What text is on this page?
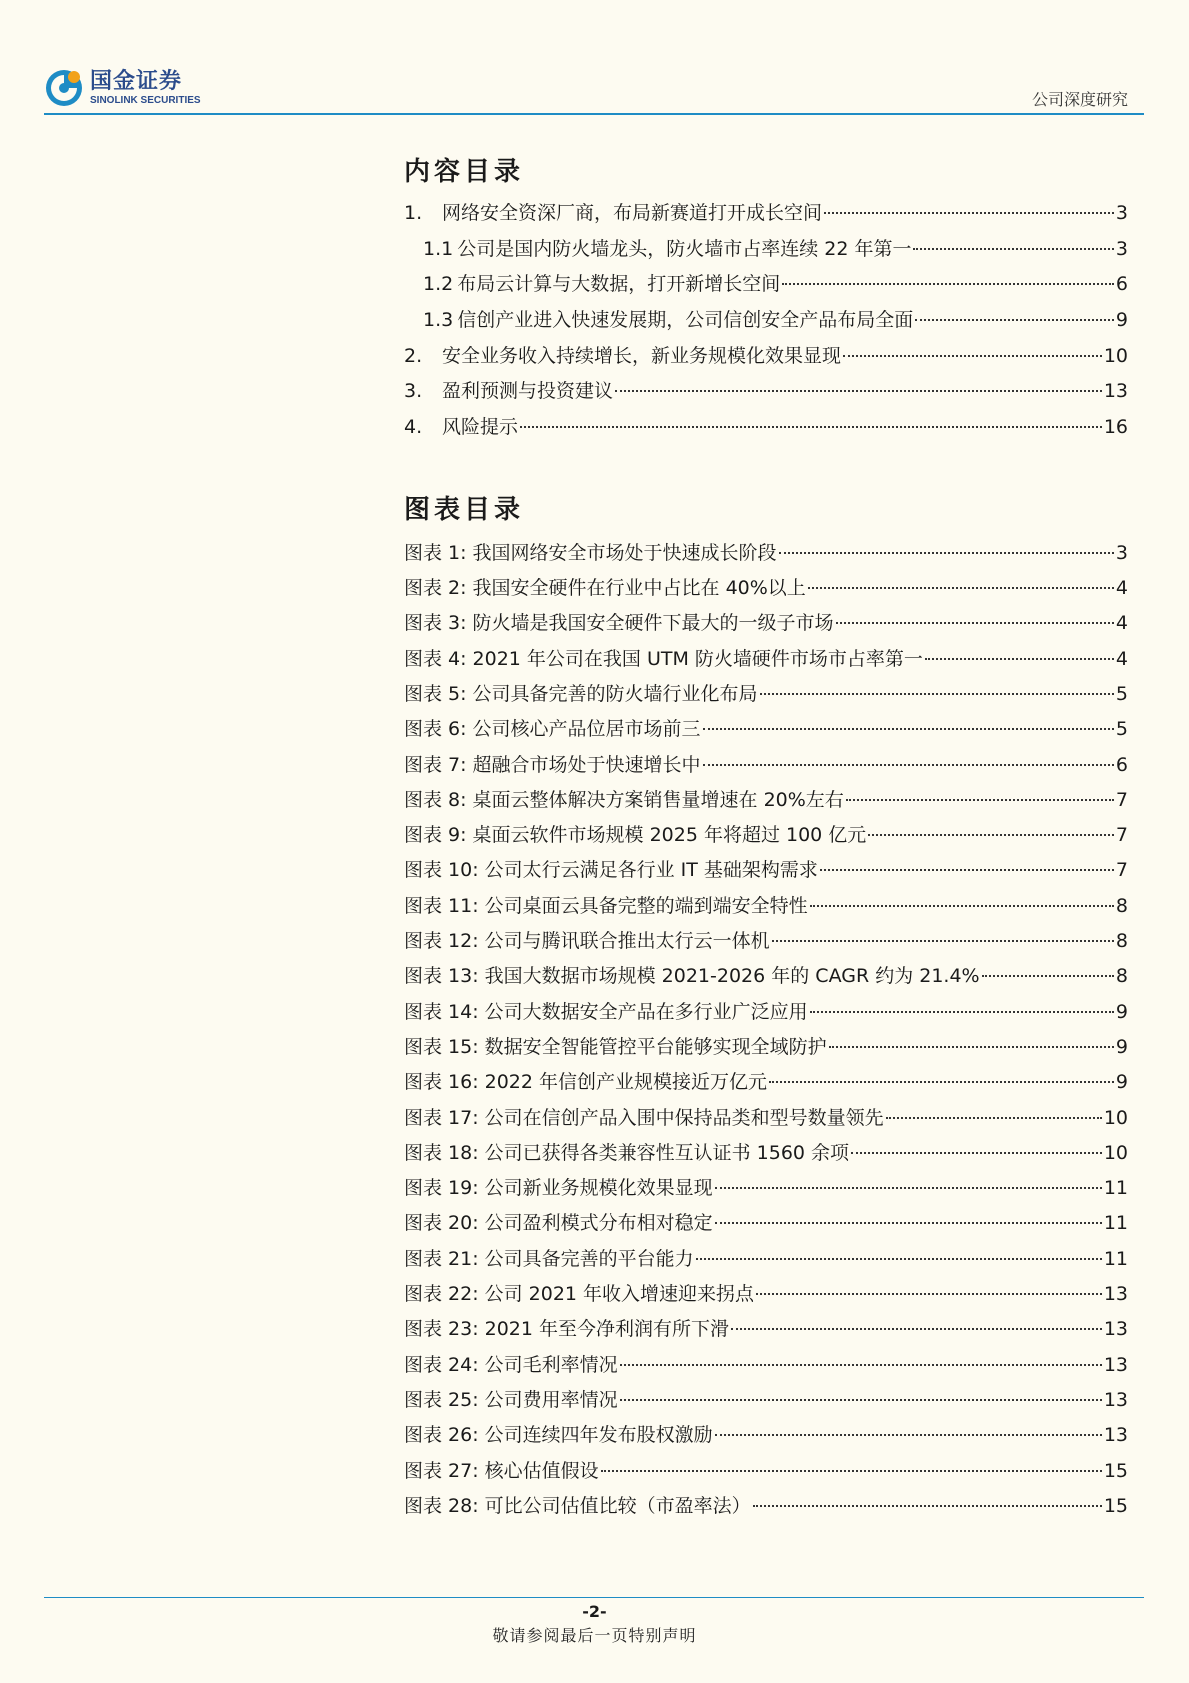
国金证券
SINOLINK SECURITIES	公司深度研究
内容目录
1.	网络安全资深厂商，布局新赛道打开成长空间	3
1.1 公司是国内防火墙龙头，防火墙市占率连续 22 年第一	3
1.2 布局云计算与大数据，打开新增长空间	6
1.3 信创产业进入快速发展期，公司信创安全产品布局全面	9
2.	安全业务收入持续增长，新业务规模化效果显现	10
3.	盈利预测与投资建议	13
4.	风险提示	16
图表目录
图表 1: 我国网络安全市场处于快速成长阶段	3
图表 2: 我国安全硬件在行业中占比在 40%以上	4
图表 3: 防火墙是我国安全硬件下最大的一级子市场	4
图表 4: 2021 年公司在我国 UTM 防火墙硬件市场市占率第一	4
图表 5: 公司具备完善的防火墙行业化布局	5
图表 6: 公司核心产品位居市场前三	5
图表 7: 超融合市场处于快速增长中	6
图表 8: 桌面云整体解决方案销售量增速在 20%左右	7
图表 9: 桌面云软件市场规模 2025 年将超过 100 亿元	7
图表 10: 公司太行云满足各行业 IT 基础架构需求	7
图表 11: 公司桌面云具备完整的端到端安全特性	8
图表 12: 公司与腾讯联合推出太行云一体机	8
图表 13: 我国大数据市场规模 2021-2026 年的 CAGR 约为 21.4%	8
图表 14: 公司大数据安全产品在多行业广泛应用	9
图表 15: 数据安全智能管控平台能够实现全域防护	9
图表 16: 2022 年信创产业规模接近万亿元	9
图表 17: 公司在信创产品入围中保持品类和型号数量领先	10
图表 18: 公司已获得各类兼容性互认证书 1560 余项	10
图表 19: 公司新业务规模化效果显现	11
图表 20: 公司盈利模式分布相对稳定	11
图表 21: 公司具备完善的平台能力	11
图表 22: 公司 2021 年收入增速迎来拐点	13
图表 23: 2021 年至今净利润有所下滑	13
图表 24: 公司毛利率情况	13
图表 25: 公司费用率情况	13
图表 26: 公司连续四年发布股权激励	13
图表 27: 核心估值假设	15
图表 28: 可比公司估值比较（市盈率法）	15
-2-
敬请参阅最后一页特别声明
